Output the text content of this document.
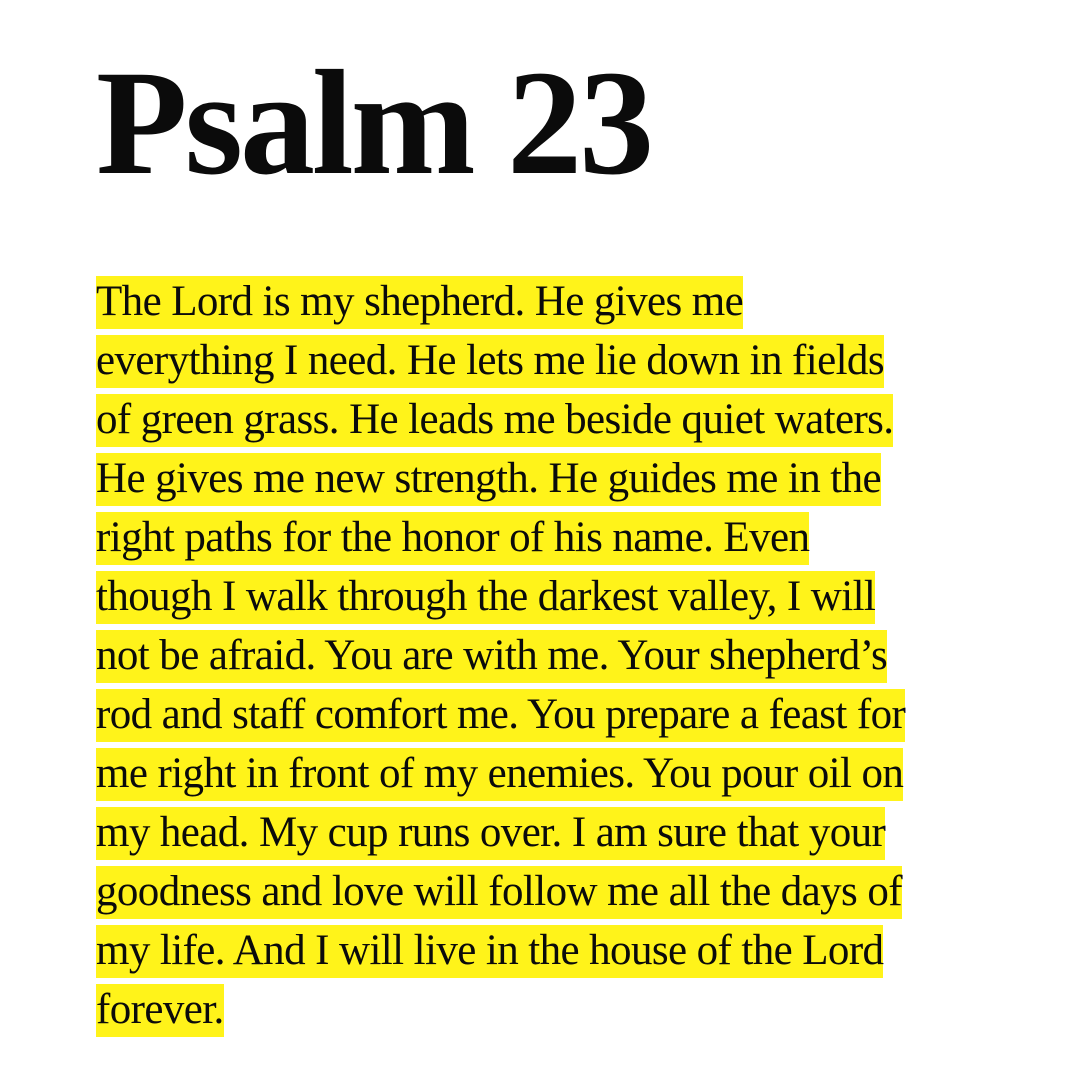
Psalm 23
The Lord is my shepherd. He gives me
everything I need. He lets me lie down in fields
of green grass. He leads me beside quiet waters.
He gives me new strength. He guides me in the
right paths for the honor of his name. Even
though I walk through the darkest valley, I will
not be afraid. You are with me. Your shepherd’s
rod and staff comfort me. You prepare a feast for
me right in front of my enemies. You pour oil on
my head. My cup runs over. I am sure that your
goodness and love will follow me all the days of
my life. And I will live in the house of the Lord
forever.
